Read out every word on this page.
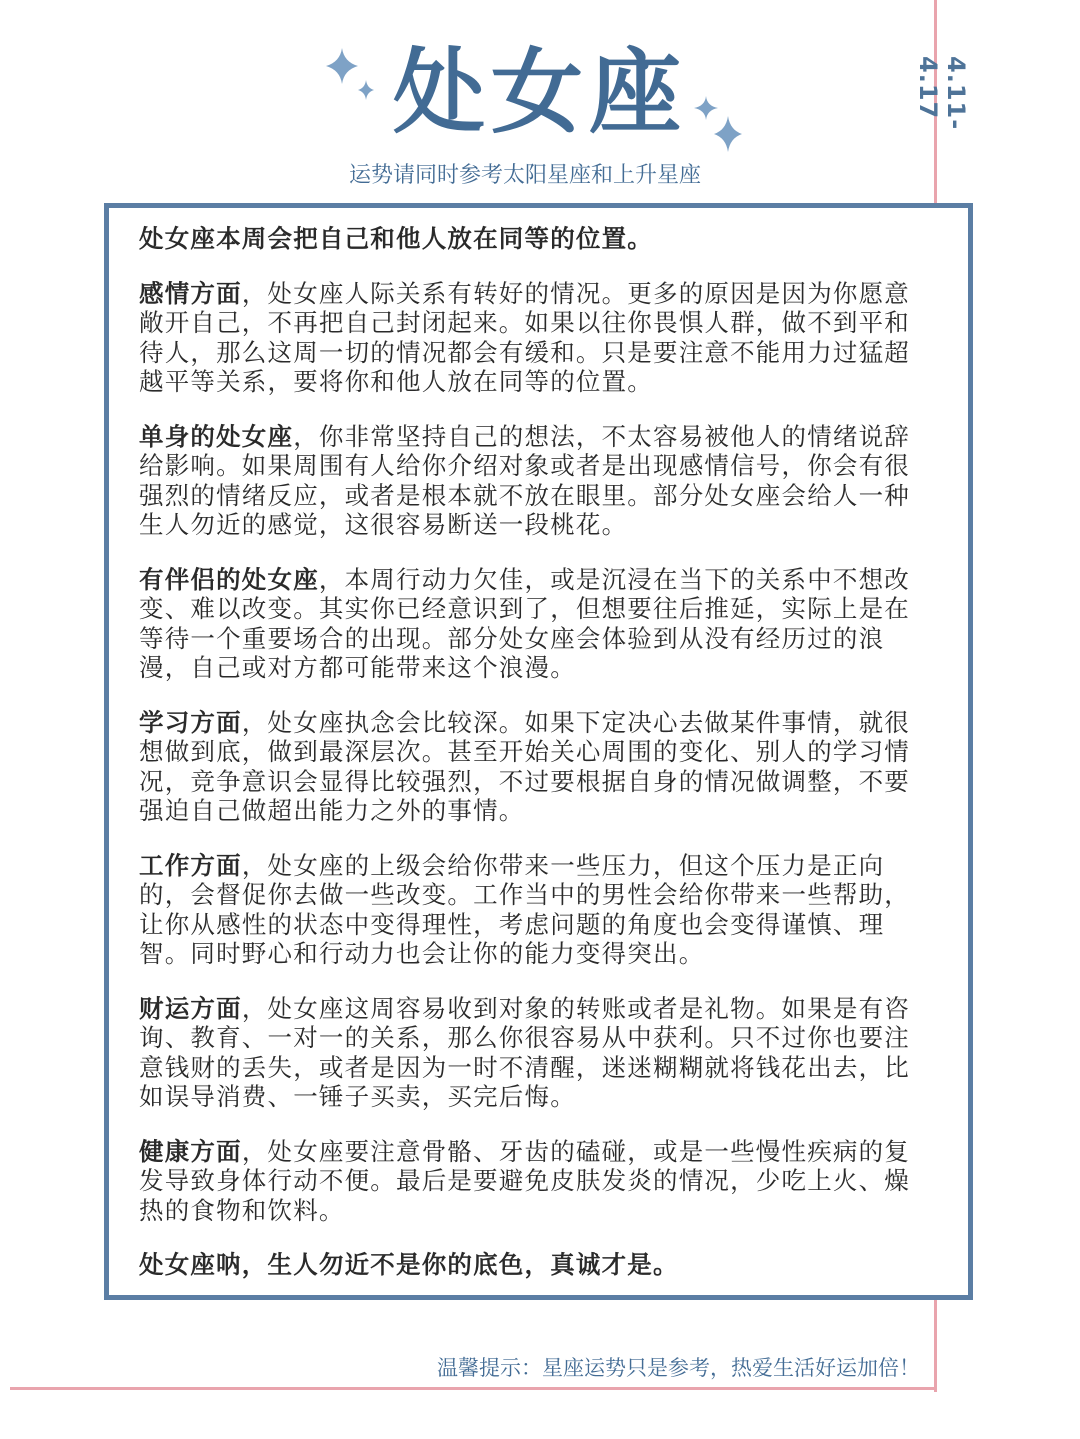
4.11-4.17
处女座
运势请同时参考太阳星座和上升星座

处女座本周会把自己和他人放在同等的位置。

感情方面，处女座人际关系有转好的情况。更多的原因是因为你愿意敞开自己，不再把自己封闭起来。如果以往你畏惧人群，做不到平和待人，那么这周一切的情况都会有缓和。只是要注意不能用力过猛超越平等关系，要将你和他人放在同等的位置。

单身的处女座，你非常坚持自己的想法，不太容易被他人的情绪说辞给影响。如果周围有人给你介绍对象或者是出现感情信号，你会有很强烈的情绪反应，或者是根本就不放在眼里。部分处女座会给人一种生人勿近的感觉，这很容易断送一段桃花。

有伴侣的处女座，本周行动力欠佳，或是沉浸在当下的关系中不想改变、难以改变。其实你已经意识到了，但想要往后推延，实际上是在等待一个重要场合的出现。部分处女座会体验到从没有经历过的浪漫，自己或对方都可能带来这个浪漫。

学习方面，处女座执念会比较深。如果下定决心去做某件事情，就很想做到底，做到最深层次。甚至开始关心周围的变化、别人的学习情况，竞争意识会显得比较强烈，不过要根据自身的情况做调整，不要强迫自己做超出能力之外的事情。

工作方面，处女座的上级会给你带来一些压力，但这个压力是正向的，会督促你去做一些改变。工作当中的男性会给你带来一些帮助，让你从感性的状态中变得理性，考虑问题的角度也会变得谨慎、理智。同时野心和行动力也会让你的能力变得突出。

财运方面，处女座这周容易收到对象的转账或者是礼物。如果是有咨询、教育、一对一的关系，那么你很容易从中获利。只不过你也要注意钱财的丢失，或者是因为一时不清醒，迷迷糊糊就将钱花出去，比如误导消费、一锤子买卖，买完后悔。

健康方面，处女座要注意骨骼、牙齿的磕碰，或是一些慢性疾病的复发导致身体行动不便。最后是要避免皮肤发炎的情况，少吃上火、燥热的食物和饮料。

处女座呐，生人勿近不是你的底色，真诚才是。

温馨提示：星座运势只是参考，热爱生活好运加倍！
